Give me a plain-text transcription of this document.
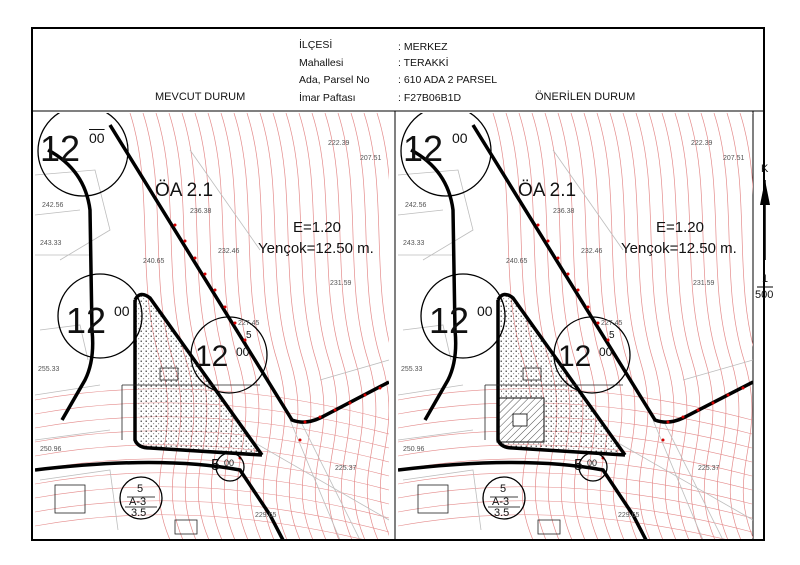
İLÇESİ	: MERKEZ
Mahallesi	: TERAKKİ
Ada, Parsel No	: 610 ADA 2 PARSEL
İmar Paftası	: F27B06B1D
MEVCUT DURUM	ÖNERİLEN DURUM
12 00
ÖA 2.1
E=1.20
Yençok=12.50 m.
12 00
12 00
5
5 00
5
A-3
3.5
12 00
ÖA 2.1
E=1.20
Yençok=12.50 m.
12 00
12 00
5
5 00
5
A-3
3.5
K
1
500
242.56
243.33
240.65
236.38
232.46
227.45
231.59
222.39
207.51
225.37
250.96
255.33
229.65
242.56
243.33
240.65
236.38
232.46
227.45
231.59
222.39
207.51
225.37
250.96
255.33
229.65
